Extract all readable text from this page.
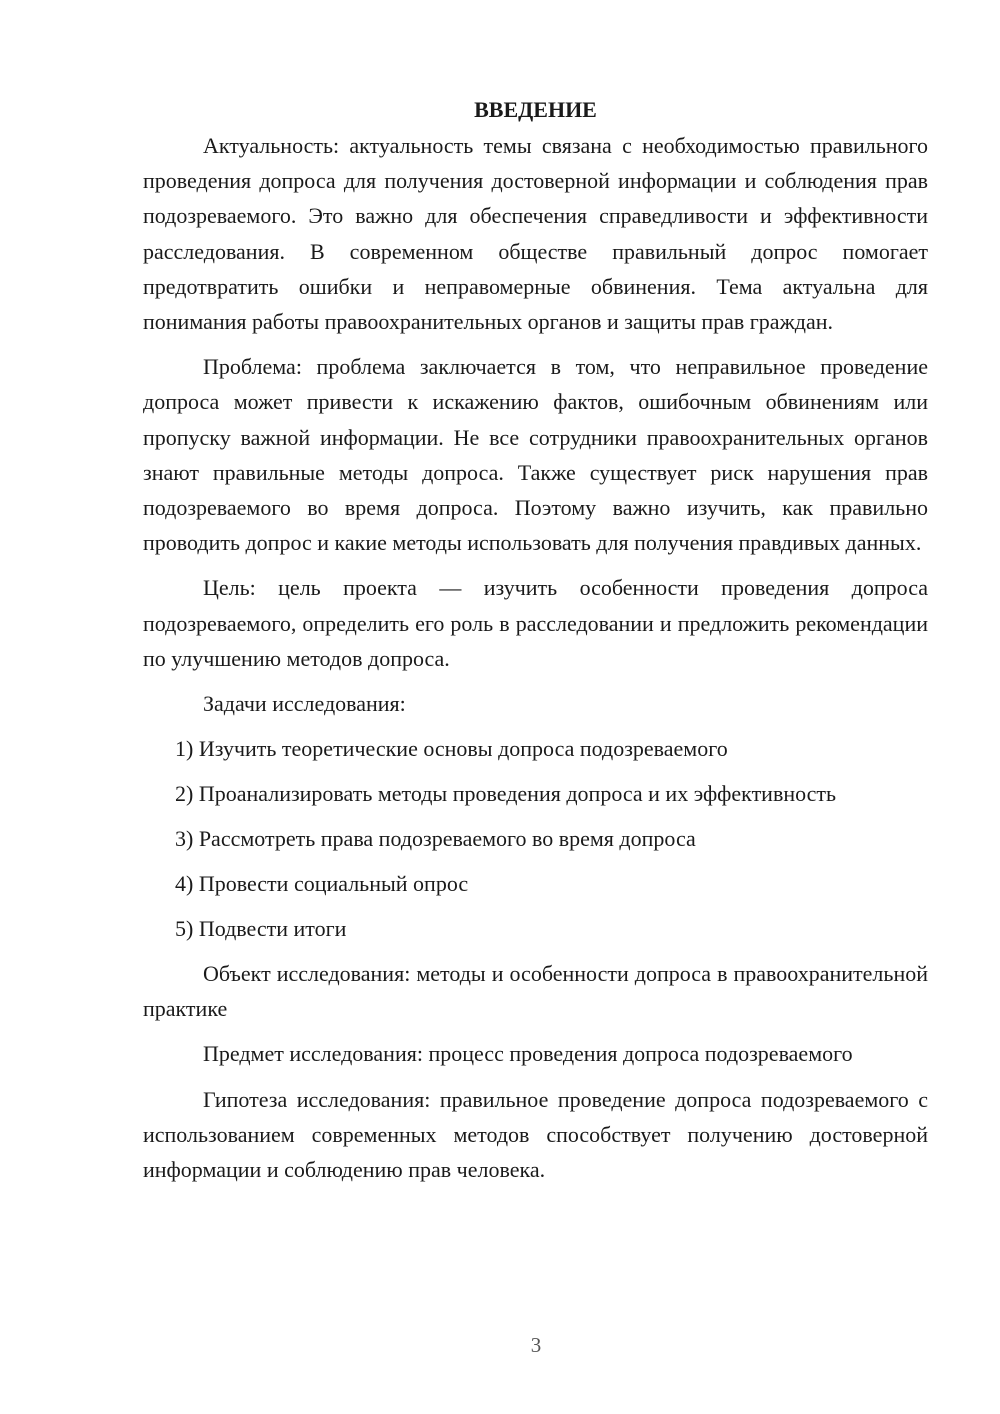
ВВЕДЕНИЕ

Актуальность: актуальность темы связана с необходимостью правильного проведения допроса для получения достоверной информации и соблюдения прав подозреваемого. Это важно для обеспечения справедливости и эффективности расследования. В современном обществе правильный допрос помогает предотвратить ошибки и неправомерные обвинения. Тема актуальна для понимания работы правоохранительных органов и защиты прав граждан.

Проблема: проблема заключается в том, что неправильное проведение допроса может привести к искажению фактов, ошибочным обвинениям или пропуску важной информации. Не все сотрудники правоохранительных органов знают правильные методы допроса. Также существует риск нарушения прав подозреваемого во время допроса. Поэтому важно изучить, как правильно проводить допрос и какие методы использовать для получения правдивых данных.

Цель: цель проекта — изучить особенности проведения допроса подозреваемого, определить его роль в расследовании и предложить рекомендации по улучшению методов допроса.

Задачи исследования:

1) Изучить теоретические основы допроса подозреваемого
2) Проанализировать методы проведения допроса и их эффективность
3) Рассмотреть права подозреваемого во время допроса
4) Провести социальный опрос
5) Подвести итоги

Объект исследования: методы и особенности допроса в правоохранительной практике

Предмет исследования: процесс проведения допроса подозреваемого

Гипотеза исследования: правильное проведение допроса подозреваемого с использованием современных методов способствует получению достоверной информации и соблюдению прав человека.

3
